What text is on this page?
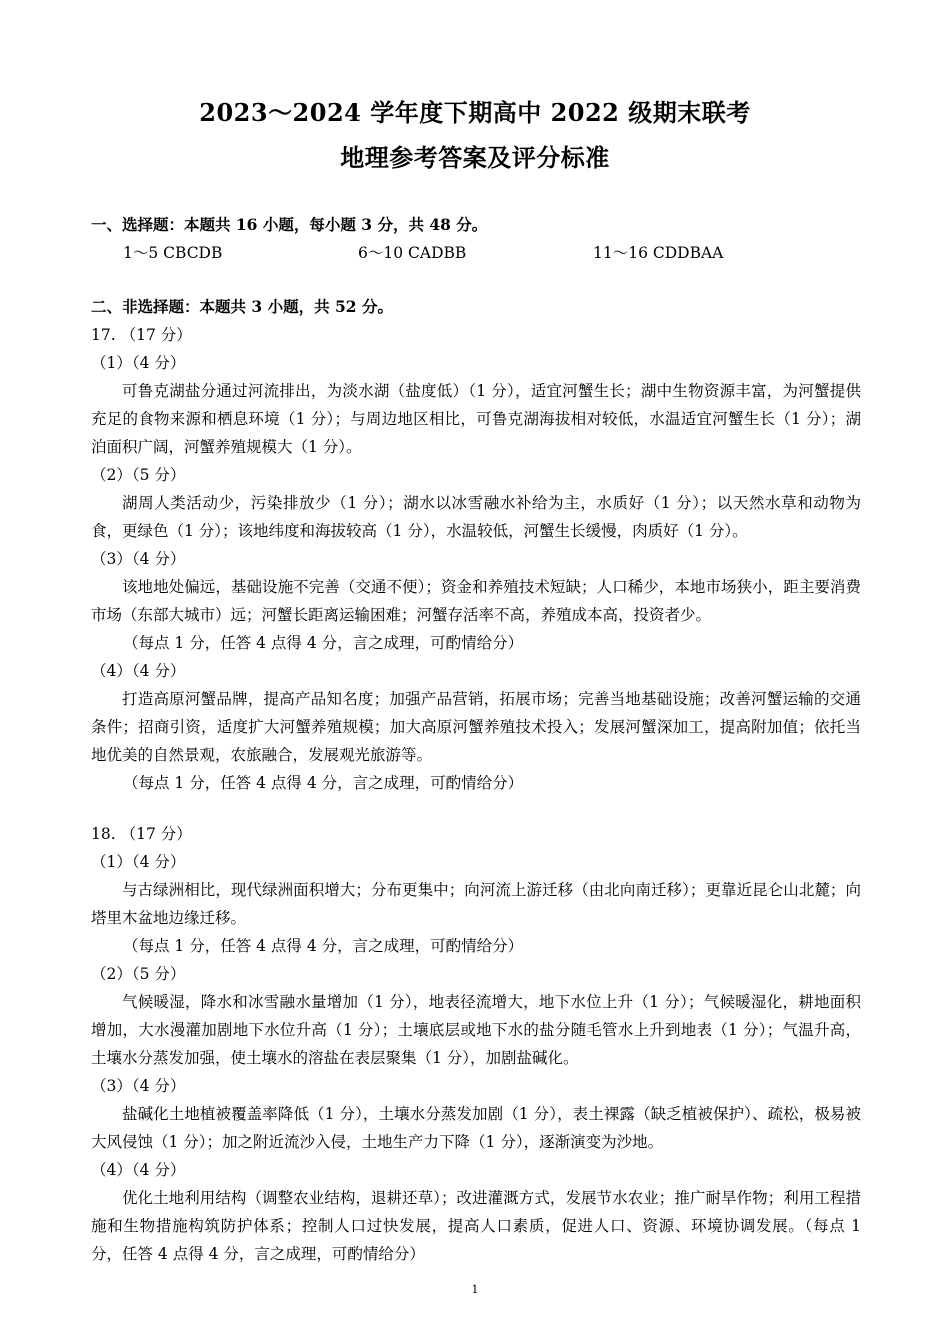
2023～2024 学年度下期高中 2022 级期末联考
地理参考答案及评分标准
一、选择题：本题共 16 小题，每小题 3 分，共 48 分。
1～5 CBCDB	6～10 CADBB	11～16 CDDBAA
二、非选择题：本题共 3 小题，共 52 分。
17. （17 分）
（1）（4 分）
可鲁克湖盐分通过河流排出，为淡水湖（盐度低）（1 分），适宜河蟹生长；湖中生物资源丰富，为河蟹提供充足的食物来源和栖息环境（1 分）；与周边地区相比，可鲁克湖海拔相对较低，水温适宜河蟹生长（1 分）；湖泊面积广阔，河蟹养殖规模大（1 分）。
（2）（5 分）
湖周人类活动少，污染排放少（1 分）；湖水以冰雪融水补给为主，水质好（1 分）；以天然水草和动物为食，更绿色（1 分）；该地纬度和海拔较高（1 分），水温较低，河蟹生长缓慢，肉质好（1 分）。
（3）（4 分）
该地地处偏远，基础设施不完善（交通不便）；资金和养殖技术短缺；人口稀少，本地市场狭小，距主要消费市场（东部大城市）远；河蟹长距离运输困难；河蟹存活率不高，养殖成本高，投资者少。
（每点 1 分，任答 4 点得 4 分，言之成理，可酌情给分）
（4）（4 分）
打造高原河蟹品牌，提高产品知名度；加强产品营销，拓展市场；完善当地基础设施；改善河蟹运输的交通条件；招商引资，适度扩大河蟹养殖规模；加大高原河蟹养殖技术投入；发展河蟹深加工，提高附加值；依托当地优美的自然景观，农旅融合，发展观光旅游等。
（每点 1 分，任答 4 点得 4 分，言之成理，可酌情给分）
18. （17 分）
（1）（4 分）
与古绿洲相比，现代绿洲面积增大；分布更集中；向河流上游迁移（由北向南迁移）；更靠近昆仑山北麓；向塔里木盆地边缘迁移。
（每点 1 分，任答 4 点得 4 分，言之成理，可酌情给分）
（2）（5 分）
气候暖湿，降水和冰雪融水量增加（1 分），地表径流增大，地下水位上升（1 分）；气候暖湿化，耕地面积增加，大水漫灌加剧地下水位升高（1 分）；土壤底层或地下水的盐分随毛管水上升到地表（1 分）；气温升高，土壤水分蒸发加强，使土壤水的溶盐在表层聚集（1 分），加剧盐碱化。
（3）（4 分）
盐碱化土地植被覆盖率降低（1 分），土壤水分蒸发加剧（1 分），表土裸露（缺乏植被保护）、疏松，极易被大风侵蚀（1 分）；加之附近流沙入侵，土地生产力下降（1 分），逐渐演变为沙地。
（4）（4 分）
优化土地利用结构（调整农业结构，退耕还草）；改进灌溉方式，发展节水农业；推广耐旱作物；利用工程措施和生物措施构筑防护体系；控制人口过快发展，提高人口素质，促进人口、资源、环境协调发展。（每点 1 分，任答 4 点得 4 分，言之成理，可酌情给分）
1
